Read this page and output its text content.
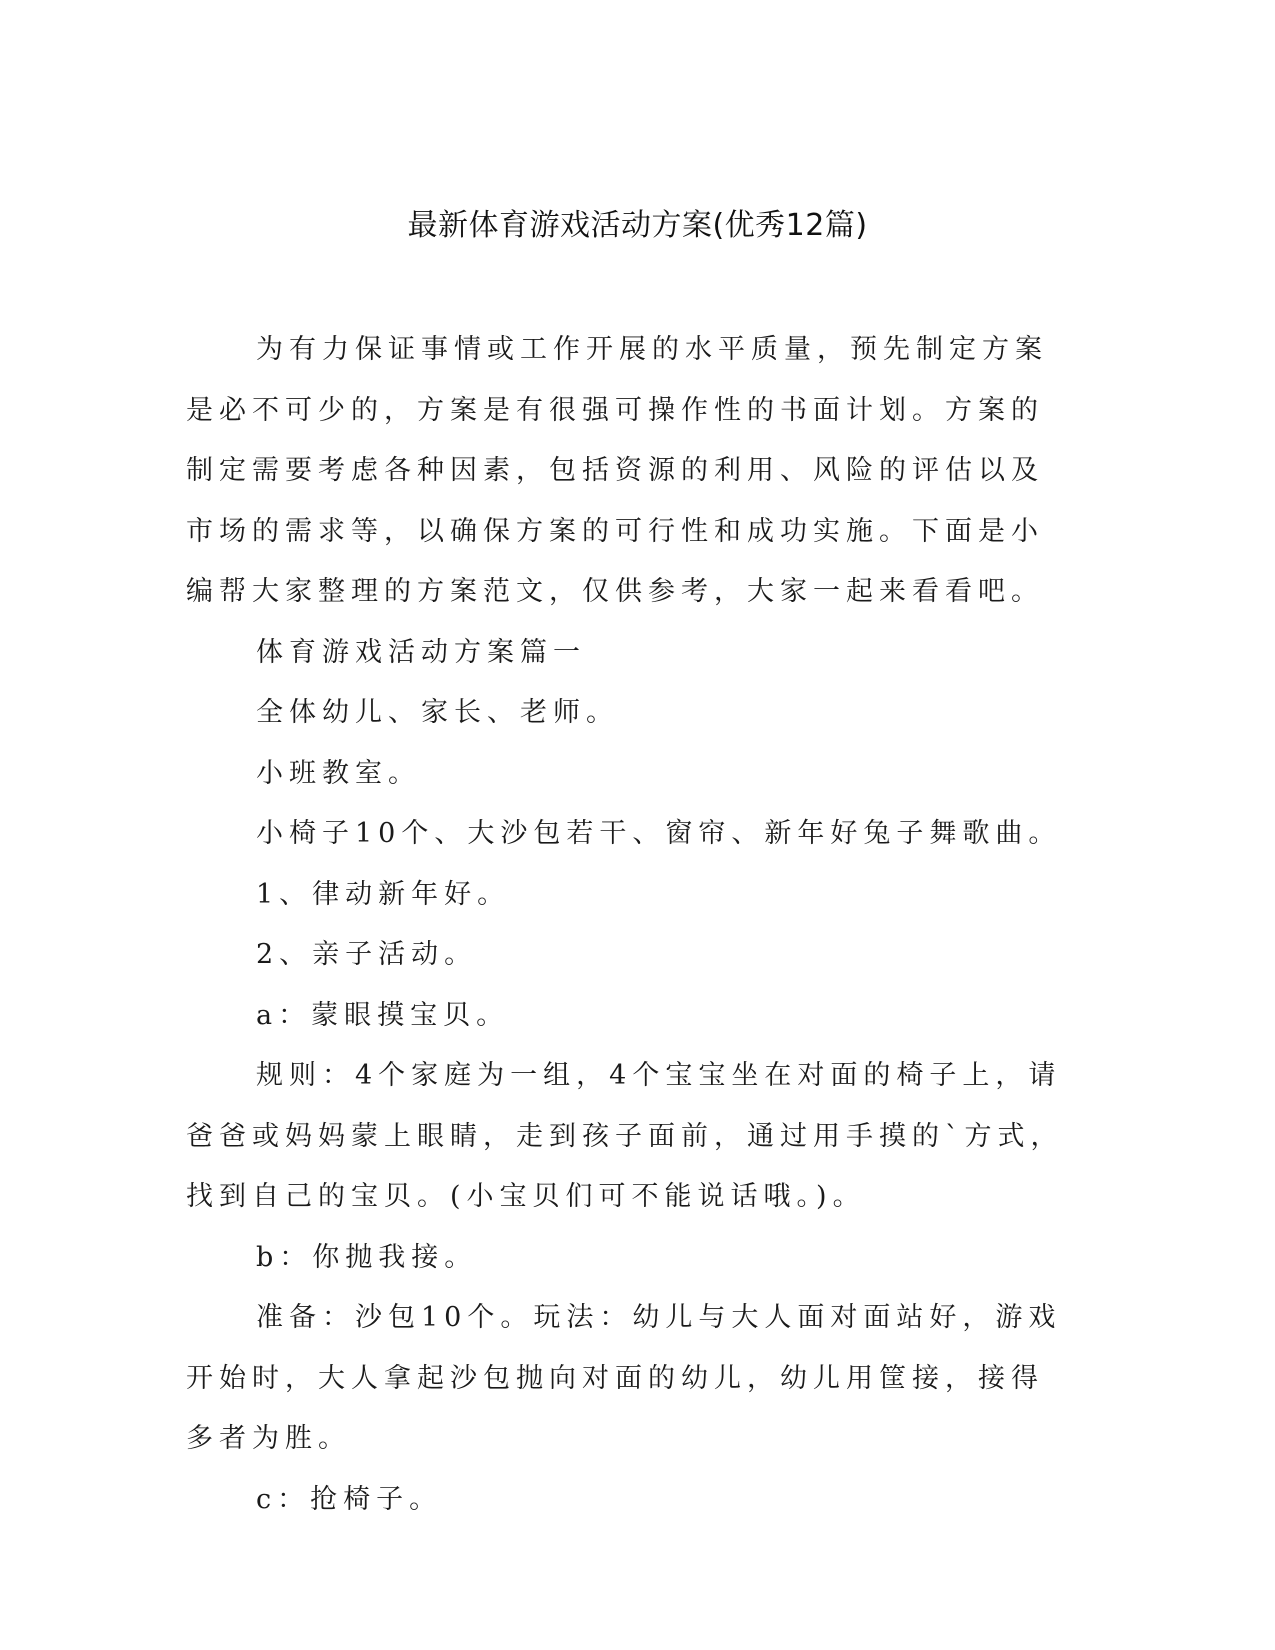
最新体育游戏活动方案(优秀12篇)

为有力保证事情或工作开展的水平质量，预先制定方案是必不可少的，方案是有很强可操作性的书面计划。方案的制定需要考虑各种因素，包括资源的利用、风险的评估以及市场的需求等，以确保方案的可行性和成功实施。下面是小编帮大家整理的方案范文，仅供参考，大家一起来看看吧。

体育游戏活动方案篇一

全体幼儿、家长、老师。

小班教室。

小椅子10个、大沙包若干、窗帘、新年好兔子舞歌曲。

1、律动新年好。

2、亲子活动。

a：蒙眼摸宝贝。

规则：4个家庭为一组，4个宝宝坐在对面的椅子上，请爸爸或妈妈蒙上眼睛，走到孩子面前，通过用手摸的`方式，找到自己的宝贝。(小宝贝们可不能说话哦。)。

b：你抛我接。

准备：沙包10个。玩法：幼儿与大人面对面站好，游戏开始时，大人拿起沙包抛向对面的幼儿，幼儿用筐接，接得多者为胜。

c：抢椅子。
